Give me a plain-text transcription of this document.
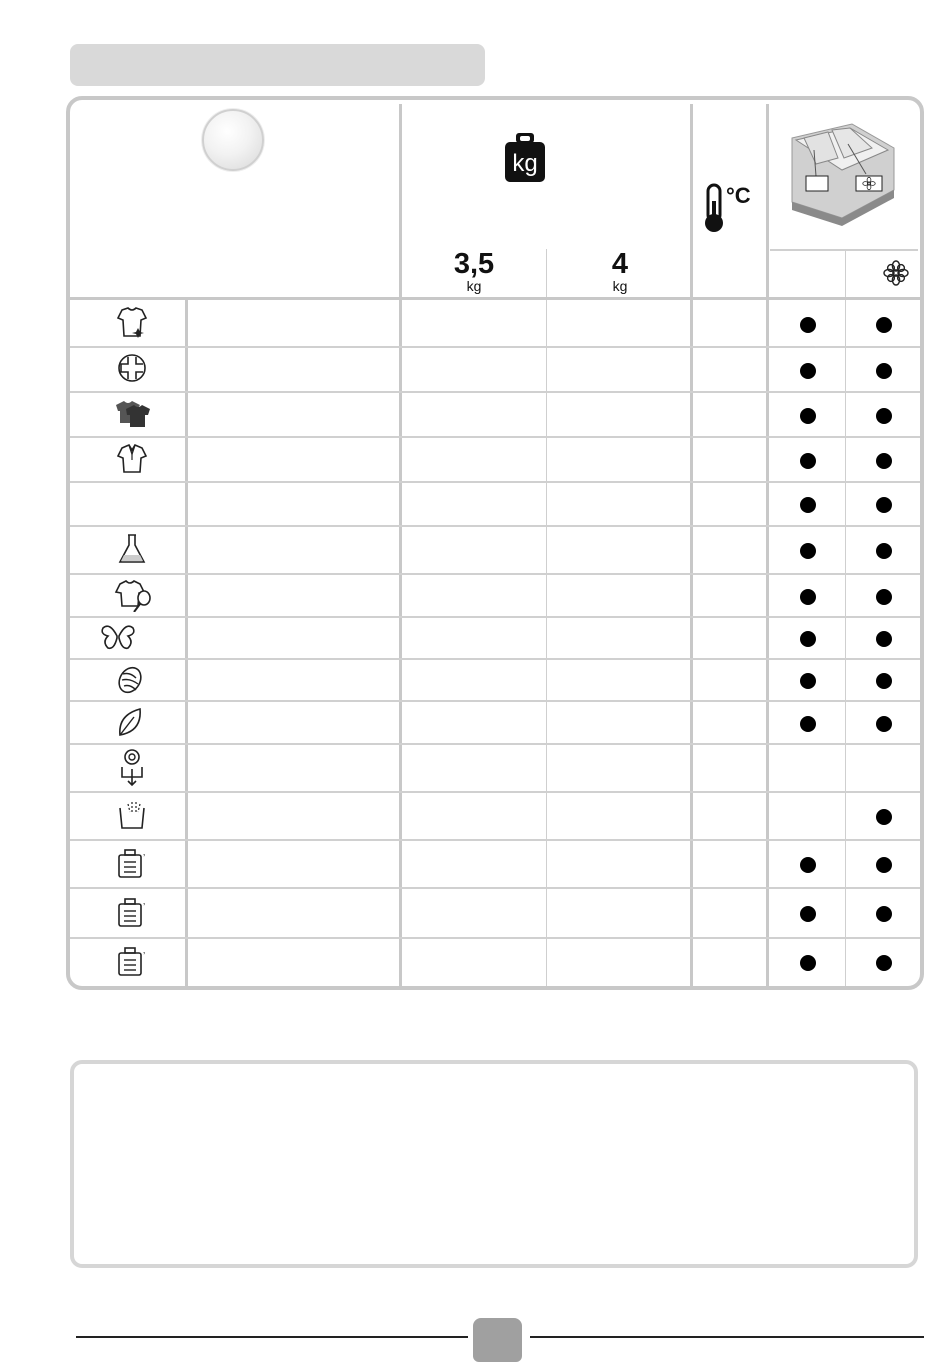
kg
3,5
kg
4
kg
°C
’
’
’
